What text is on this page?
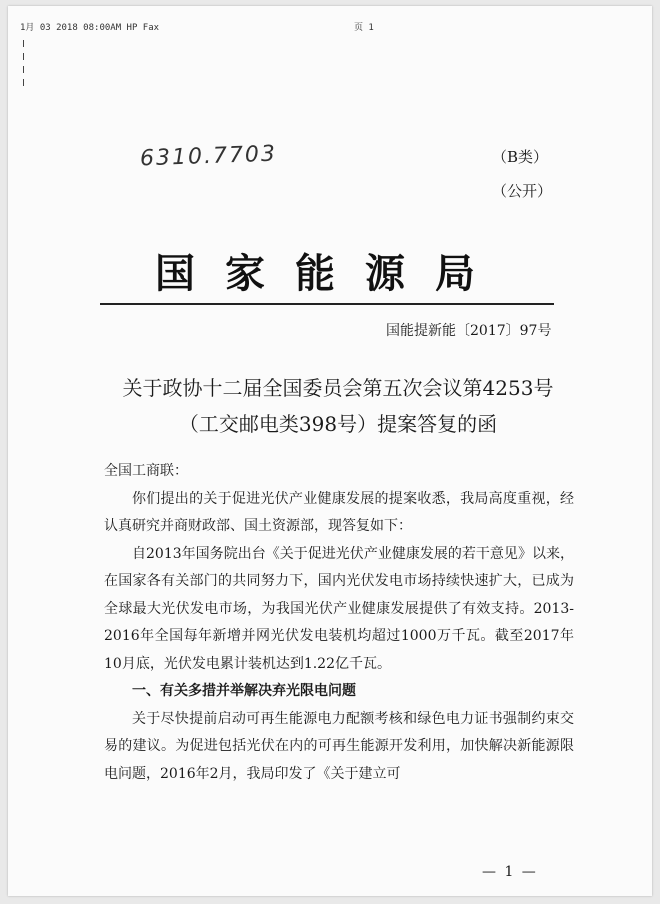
1月 03 2018 08:00AM HP Fax	页 1
6310.7703	（B类）
（公开）
国家能源局
国能提新能〔2017〕97号
关于政协十二届全国委员会第五次会议第4253号
（工交邮电类398号）提案答复的函

全国工商联：

你们提出的关于促进光伏产业健康发展的提案收悉，我局高度重视，经认真研究并商财政部、国土资源部，现答复如下：

自2013年国务院出台《关于促进光伏产业健康发展的若干意见》以来，在国家各有关部门的共同努力下，国内光伏发电市场持续快速扩大，已成为全球最大光伏发电市场，为我国光伏产业健康发展提供了有效支持。2013-2016年全国每年新增并网光伏发电装机均超过1000万千瓦。截至2017年10月底，光伏发电累计装机达到1.22亿千瓦。

一、有关多措并举解决弃光限电问题

关于尽快提前启动可再生能源电力配额考核和绿色电力证书强制约束交易的建议。为促进包括光伏在内的可再生能源开发利用，加快解决新能源限电问题，2016年2月，我局印发了《关于建立可

— 1 —
